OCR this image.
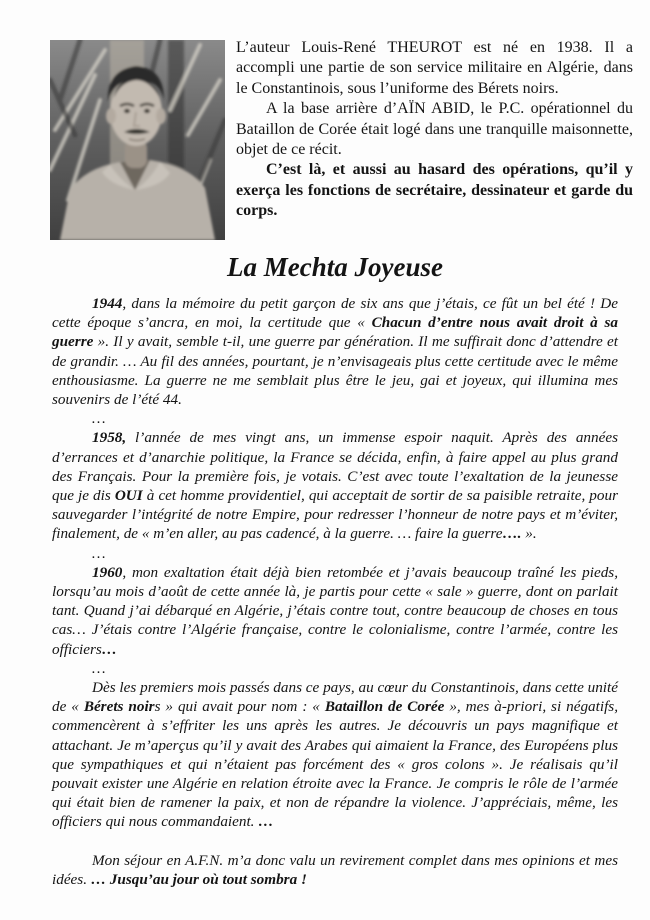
L’auteur Louis-René THEUROT est né en 1938. Il a accompli une partie de son service militaire en Algérie, dans le Constantinois, sous l’uniforme des Bérets noirs.

A la base arrière d’AÏN ABID, le P.C. opérationnel du Bataillon de Corée était logé dans une tranquille maisonnette, objet de ce récit.

C’est là, et aussi au hasard des opérations, qu’il y exerça les fonctions de secrétaire, dessinateur et garde du corps.

La Mechta Joyeuse

1944, dans la mémoire du petit garçon de six ans que j’étais, ce fût un bel été ! De cette époque s’ancra, en moi, la certitude que « Chacun d’entre nous avait droit à sa guerre ». Il y avait, semble t-il, une guerre par génération. Il me suffirait donc d’attendre et de grandir. … Au fil des années, pourtant, je n’envisageais plus cette certitude avec le même enthousiasme. La guerre ne me semblait plus être le jeu, gai et joyeux, qui illumina mes souvenirs de l’été 44.

…

1958, l’année de mes vingt ans, un immense espoir naquit. Après des années d’errances et d’anarchie politique, la France se décida, enfin, à faire appel au plus grand des Français. Pour la première fois, je votais. C’est avec toute l’exaltation de la jeunesse que je dis OUI à cet homme providentiel, qui acceptait de sortir de sa paisible retraite, pour sauvegarder l’intégrité de notre Empire, pour redresser l’honneur de notre pays et m’éviter, finalement, de « m’en aller, au pas cadencé, à la guerre. … faire la guerre…. ».

…

1960, mon exaltation était déjà bien retombée et j’avais beaucoup traîné les pieds, lorsqu’au mois d’août de cette année là, je partis pour cette « sale » guerre, dont on parlait tant. Quand j’ai débarqué en Algérie, j’étais contre tout, contre beaucoup de choses en tous cas… J’étais contre l’Algérie française, contre le colonialisme, contre l’armée, contre les officiers…

…

Dès les premiers mois passés dans ce pays, au cœur du Constantinois, dans cette unité de « Bérets noirs » qui avait pour nom : « Bataillon de Corée », mes à-priori, si négatifs, commencèrent à s’effriter les uns après les autres. Je découvris un pays magnifique et attachant. Je m’aperçus qu’il y avait des Arabes qui aimaient la France, des Européens plus que sympathiques et qui n’étaient pas forcément des « gros colons ». Je réalisais qu’il pouvait exister une Algérie en relation étroite avec la France. Je compris le rôle de l’armée qui était bien de ramener la paix, et non de répandre la violence. J’appréciais, même, les officiers qui nous commandaient. …

Mon séjour en A.F.N. m’a donc valu un revirement complet dans mes opinions et mes idées. … Jusqu’au jour où tout sombra !
